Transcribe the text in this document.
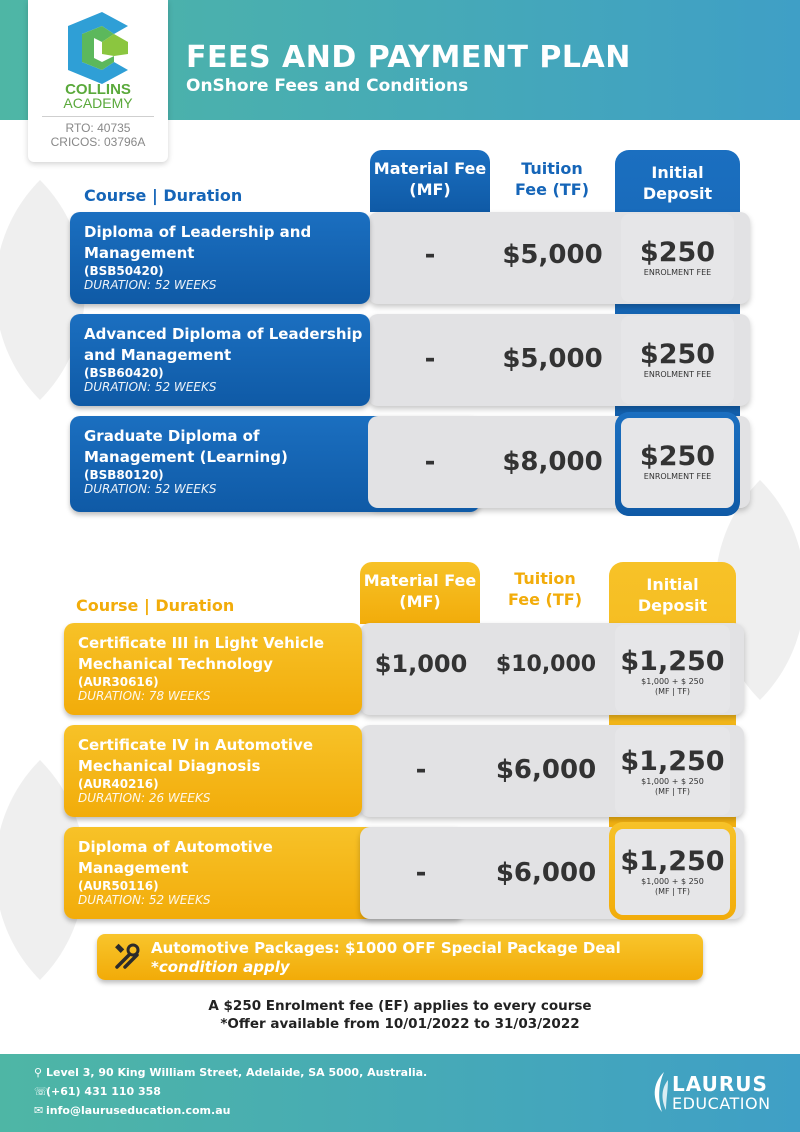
COLLINS
ACADEMY
RTO: 40735
CRICOS: 03796A
FEES AND PAYMENT PLAN
OnShore Fees and Conditions
Course | Duration
Material Fee (MF)
Tuition Fee (TF)
Initial Deposit
Diploma of Leadership and Management
(BSB50420)
DURATION: 52 WEEKS
-	$5,000	$250
ENROLMENT FEE
Advanced Diploma of Leadership and Management
(BSB60420)
DURATION: 52 WEEKS
-	$5,000	$250
ENROLMENT FEE
Graduate Diploma of Management (Learning)
(BSB80120)
DURATION: 52 WEEKS
-	$8,000	$250
ENROLMENT FEE
Course | Duration
Material Fee (MF)
Tuition Fee (TF)
Initial Deposit
Certificate III in Light Vehicle Mechanical Technology
(AUR30616)
DURATION: 78 WEEKS
$1,000	$10,000 $1,250
$1,000 + $ 250
(MF | TF)
Certificate IV in Automotive Mechanical Diagnosis
(AUR40216)
DURATION: 26 WEEKS
-	$6,000 $1,250
$1,000 + $ 250
(MF | TF)
Diploma of Automotive Management
(AUR50116)
DURATION: 52 WEEKS
-	$6,000 $1,250
$1,000 + $ 250
(MF | TF)
Automotive Packages: $1000 OFF Special Package Deal
*condition apply
A $250 Enrolment fee (EF) applies to every course
*Offer available from 10/01/2022 to 31/03/2022
⚲ Level 3, 90 King William Street, Adelaide, SA 5000, Australia.
☏(+61) 431 110 358
✉ info@lauruseducation.com.au
LAURUS
EDUCATION
